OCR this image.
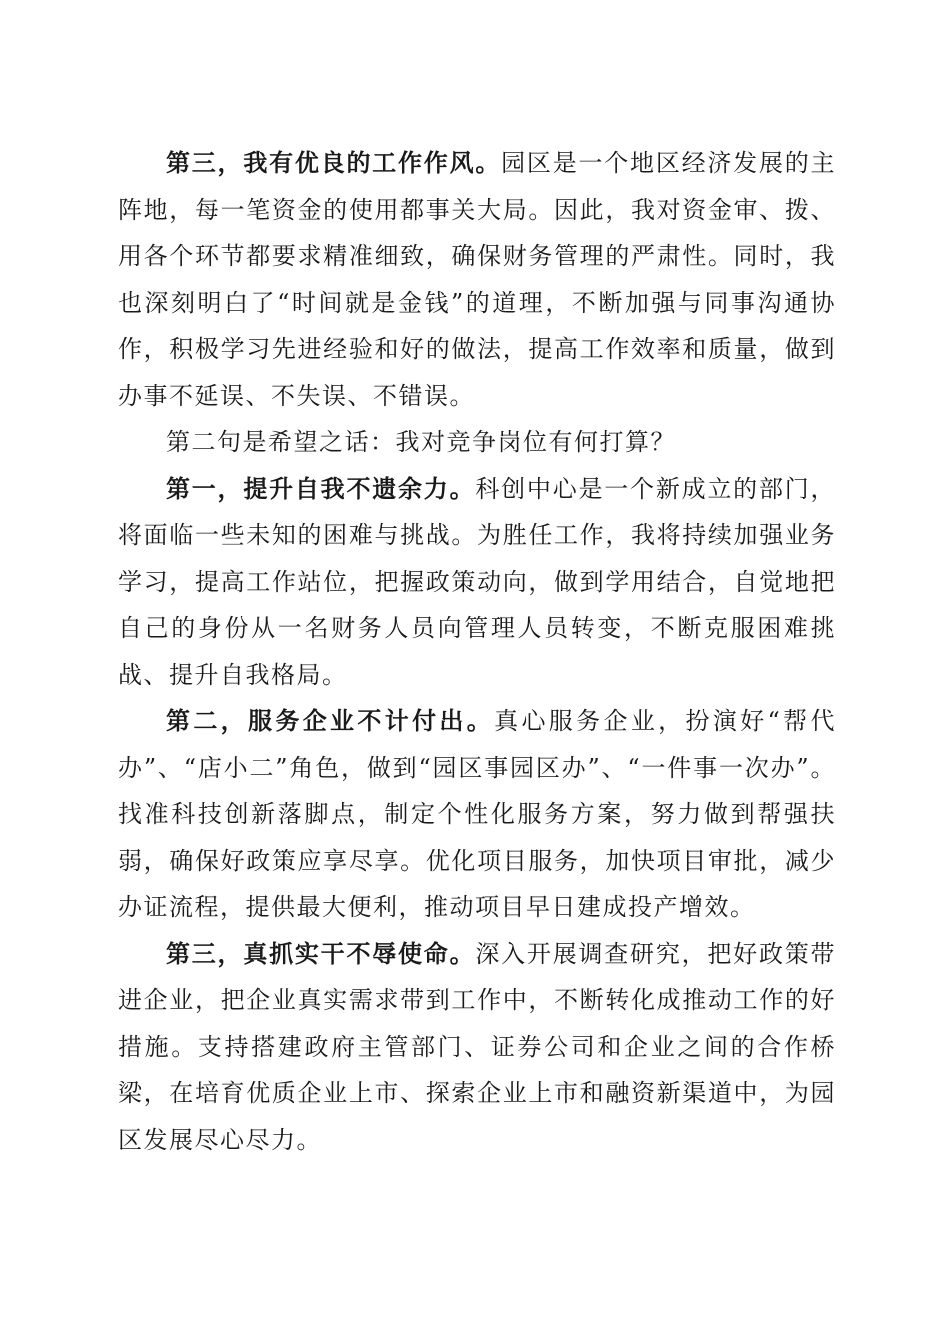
第三，我有优良的工作作风。园区是一个地区经济发展的主阵地，每一笔资金的使用都事关大局。因此，我对资金审、拨、用各个环节都要求精准细致，确保财务管理的严肃性。同时，我也深刻明白了“时间就是金钱”的道理，不断加强与同事沟通协作，积极学习先进经验和好的做法，提高工作效率和质量，做到办事不延误、不失误、不错误。

第二句是希望之话：我对竞争岗位有何打算？

第一，提升自我不遗余力。科创中心是一个新成立的部门，将面临一些未知的困难与挑战。为胜任工作，我将持续加强业务学习，提高工作站位，把握政策动向，做到学用结合，自觉地把自己的身份从一名财务人员向管理人员转变，不断克服困难挑战、提升自我格局。

第二，服务企业不计付出。真心服务企业，扮演好“帮代办”、“店小二”角色，做到“园区事园区办”、“一件事一次办”。找准科技创新落脚点，制定个性化服务方案，努力做到帮强扶弱，确保好政策应享尽享。优化项目服务，加快项目审批，减少办证流程，提供最大便利，推动项目早日建成投产增效。

第三，真抓实干不辱使命。深入开展调查研究，把好政策带进企业，把企业真实需求带到工作中，不断转化成推动工作的好措施。支持搭建政府主管部门、证券公司和企业之间的合作桥梁，在培育优质企业上市、探索企业上市和融资新渠道中，为园区发展尽心尽力。
